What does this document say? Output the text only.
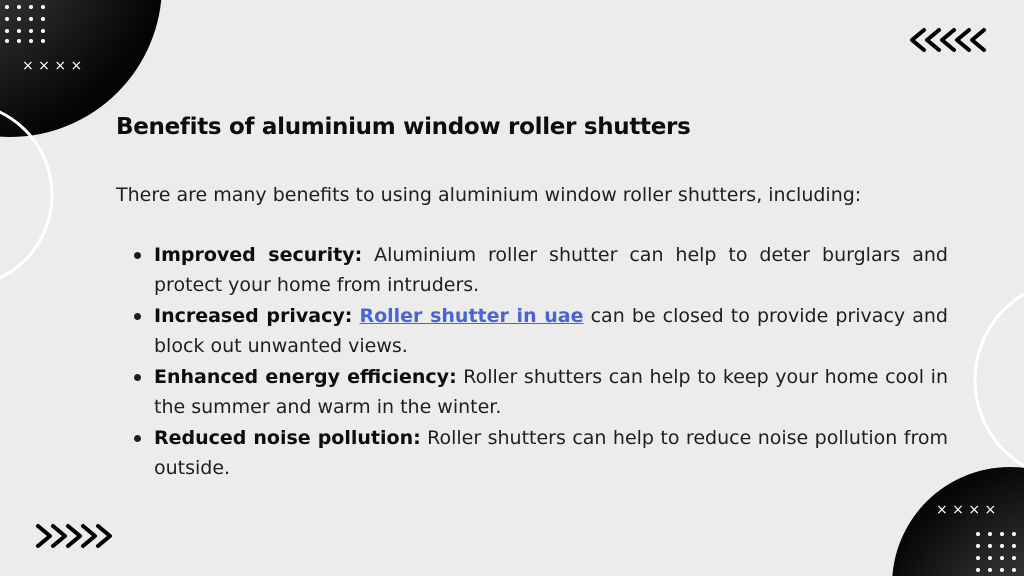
× × × ×
× × × ×
Benefits of aluminium window roller shutters

There are many benefits to using aluminium window roller shutters, including:

Improved security: Aluminium roller shutter can help to deter burglars and protect your home from intruders.
Increased privacy: Roller shutter in uae can be closed to provide privacy and block out unwanted views.
Enhanced energy efficiency: Roller shutters can help to keep your home cool in the summer and warm in the winter.
Reduced noise pollution: Roller shutters can help to reduce noise pollution from outside.
